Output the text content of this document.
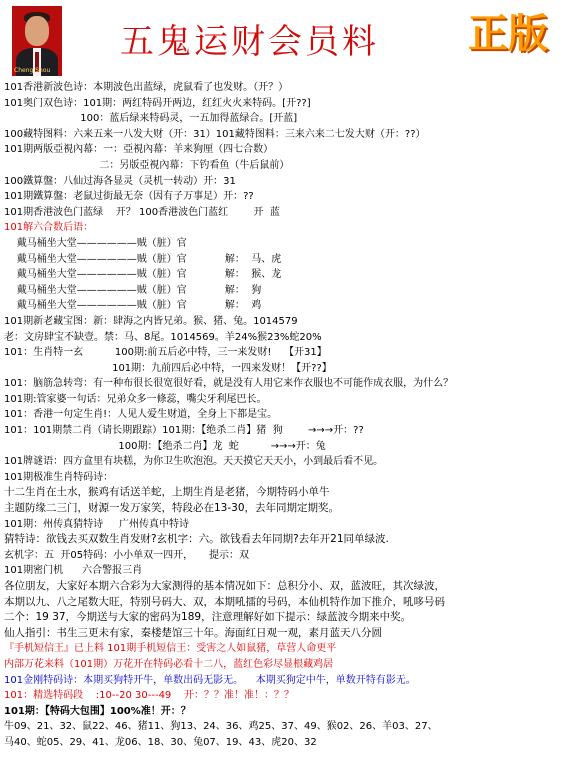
Cheng Shou
五鬼运财会员料 正版
101香港新波色诗：本期波色出蓝绿，虎鼠看了也发财。（开？）
101奥门双色诗：101期：两红特码开两边，红红火火来特码。[开??]
100：蓝后绿来特码灵，一五加得蓝绿合。[开蓝]
100藏特图料：六来五来一八发大财（开：31）101藏特图料：三来六来二七发大财（开：??）
101期两版亞視內幕：一：亞視內幕：羊来狗厘（四七合数）
二：另版亞視內幕：下钓看鱼（牛后鼠前）
100鐵算盤：八仙过海各显灵（灵机一转动）开：31
101期鐵算盤：老鼠过街最无奈（因有子万事足）开：??
101期香港波色门蓝绿    开？ 100香港波色门蓝红        开  蓝
101解六合数后语：
戴马桶坐大堂——————贼（脏）官
戴马桶坐大堂——————贼（脏）官            解：  马、虎
戴马桶坐大堂——————贼（脏）官            解：  猴、龙
戴马桶坐大堂——————贼（脏）官            解：  狗
戴马桶坐大堂——————贼（脏）官            解：  鸡
101期新老藏宝图：新：肆海之内皆兄弟。猴、猪、兔。1014579
老：文房肆宝不缺壹。禁：马、8尾。1014569。羊24%猴23%蛇20%
101：生肖特一玄          100期:前五后必中特，三一来发财!    【开31】
101期：九前四后必中特，一四来发财！【开??】
101：脑筋急转弯：有一种布很长很宽很好看，就是没有人用它来作衣服也不可能作成衣服，为什么？
101期:管家婆一句话：兄弟众多一條蕊，嘴尖牙利尾巴长。
101：香港一句定生肖!：人见人爱生财道，全身上下都是宝。
101：101期禁二肖（请长期跟踪）101期：【绝杀二肖】猪  狗        →→→开：??
100期：【绝杀二肖】龙  蛇          →→→开：兔
101牌谜语：四方盒里有块糕，为你卫生吹泡泡。天天摸它天天小，小到最后看不见。
101期极准生肖特码诗：
十二生肖在土水，猴鸡有话送羊蛇，上期生肖是老猪，今期特码小单牛
主题防缘二三门，财源一发万家笑，特段必在13-30，去年同期定期奖。
101期：州传真猜特诗     广州传真中特诗
猜特诗：欲钱去买双数生肖发财?玄机字：六。欲钱看去年同期?去年开21同单绿波.
玄机字：五  开05特码：小小单双一四开，     提示：双
101期密门机      六合警报三肖
各位朋友，大家好本期六合彩为大家测得的基本情况如下：总积分小、双，蓝波旺，其次绿波，
本期以九、八之尾数大旺，特别号码大、双，本期吼擂的号码，本仙机特作加下推介，吼哆号码
二个：19 37，今期送与大家的密码为189，注意理解好如下提示：绿蓝波今期来中奖。
仙人指引：书生三更未有家，秦楼楚馆三十年。海面红日观一观，素月蓝天八分圆
『手机短信王』已上料 101期手机短信王：受害之人如鼠猪，草营人命更平
内部万花来料（101期）万花开在特码必看十二八，蓝红色彩尽显根藏鸡居
101金刚特码诗：本期买狗特开牛，单数出码无影无。    本期买狗定中牛，单数开特有影无。
101：精选特码段    :10--20 30---49    开：？？准！准！：？？
101期：【特码大包围】100%准！开：？
牛09、21、32、鼠22、46、猪11、狗13、24、36、鸡25、37、49、猴02、26、羊03、27、
马40、蛇05、29、41、龙06、18、30、兔07、19、43、虎20、32
